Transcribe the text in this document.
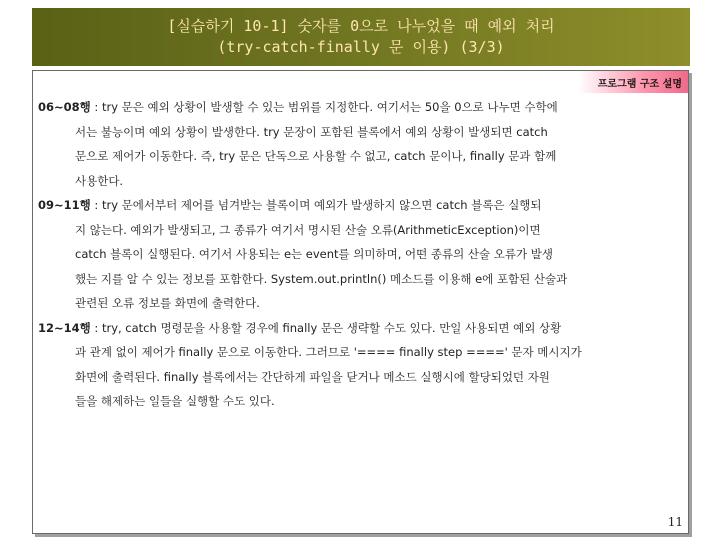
[실습하기 10-1] 숫자를 0으로 나누었을 때 예외 처리
(try-catch-finally 문 이용) (3/3)
프로그램 구조 설명
06~08행 : try 문은 예외 상황이 발생할 수 있는 범위를 지정한다. 여기서는 50을 0으로 나누면 수학에
서는 불능이며 예외 상황이 발생한다. try 문장이 포함된 블록에서 예외 상황이 발생되면 catch
문으로 제어가 이동한다. 즉, try 문은 단독으로 사용할 수 없고, catch 문이나, finally 문과 함께
사용한다.
09~11행 : try 문에서부터 제어를 넘겨받는 블록이며 예외가 발생하지 않으면 catch 블록은 실행되
지 않는다. 예외가 발생되고, 그 종류가 여기서 명시된 산술 오류(ArithmeticException)이면
catch 블록이 실행된다. 여기서 사용되는 e는 event를 의미하며, 어떤 종류의 산술 오류가 발생
했는 지를 알 수 있는 정보를 포함한다. System.out.println() 메소드를 이용해 e에 포함된 산술과
관련된 오류 정보를 화면에 출력한다.
12~14행 : try, catch 명령문을 사용할 경우에 finally 문은 생략할 수도 있다. 만일 사용되면 예외 상황
과 관계 없이 제어가 finally 문으로 이동한다. 그러므로 '==== finally step ====' 문자 메시지가
화면에 출력된다. finally 블록에서는 간단하게 파일을 닫거나 메소드 실행시에 할당되었던 자원
들을 해제하는 일들을 실행할 수도 있다.
11
